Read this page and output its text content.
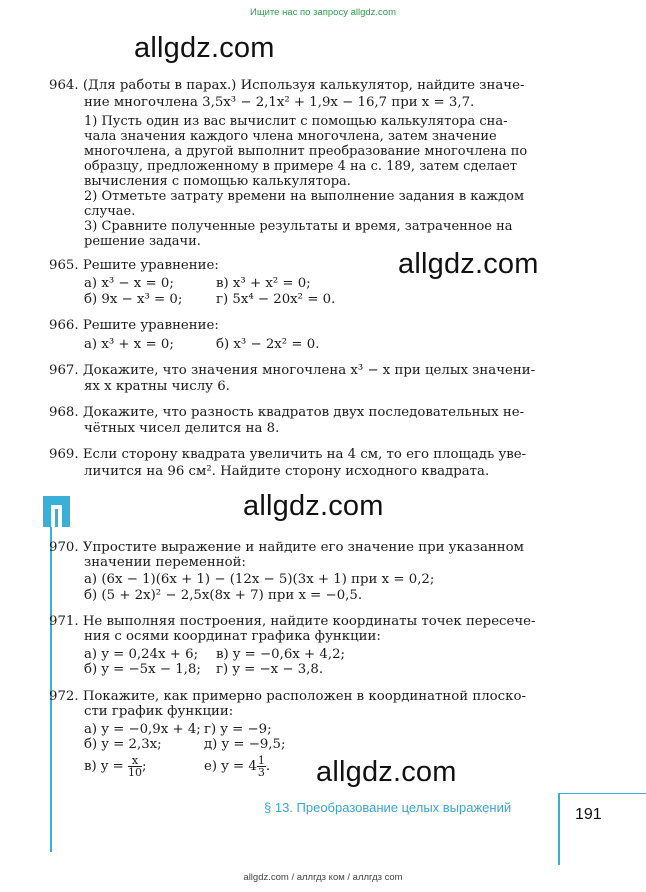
Ищите нас по запросу allgdz.com
allgdz.com
allgdz.com
allgdz.com
allgdz.com
964. (Для работы в парах.) Используя калькулятор, найдите значе-
ние многочлена 3,5x³ − 2,1x² + 1,9x − 16,7 при x = 3,7.
1) Пусть один из вас вычислит с помощью калькулятора сна-
чала значения каждого члена многочлена, затем значение
многочлена, а другой выполнит преобразование многочлена по
образцу, предложенному в примере 4 на с. 189, затем сделает
вычисления с помощью калькулятора.
2) Отметьте затрату времени на выполнение задания в каждом
случае.
3) Сравните полученные результаты и время, затраченное на
решение задачи.
965. Решите уравнение:
а) x³ − x = 0;	в) x³ + x² = 0;
б) 9x − x³ = 0;	г) 5x⁴ − 20x² = 0.
966. Решите уравнение:
а) x³ + x = 0;	б) x³ − 2x² = 0.
967. Докажите, что значения многочлена x³ − x при целых значени-
ях x кратны числу 6.
968. Докажите, что разность квадратов двух последовательных не-
чётных чисел делится на 8.
969. Если сторону квадрата увеличить на 4 см, то его площадь уве-
личится на 96 см². Найдите сторону исходного квадрата.
970. Упростите выражение и найдите его значение при указанном
значении переменной:
а) (6x − 1)(6x + 1) − (12x − 5)(3x + 1) при x = 0,2;
б) (5 + 2x)² − 2,5x(8x + 7) при x = −0,5.
971. Не выполняя построения, найдите координаты точек пересече-
ния с осями координат графика функции:
а) y = 0,24x + 6; в) y = −0,6x + 4,2;
б) y = −5x − 1,8; г) y = −x − 3,8.
972. Покажите, как примерно расположен в координатной плоско-
сти график функции:
а) y = −0,9x + 4; г) y = −9;
б) y = 2,3x;	д) y = −9,5;
в) $y = \frac{x}{10}$ ;	е) $y = 4 \frac{1}{3}$ .
§ 13. Преобразование целых выражений	191
allgdz.com / аллгдз ком / аллгдз com
